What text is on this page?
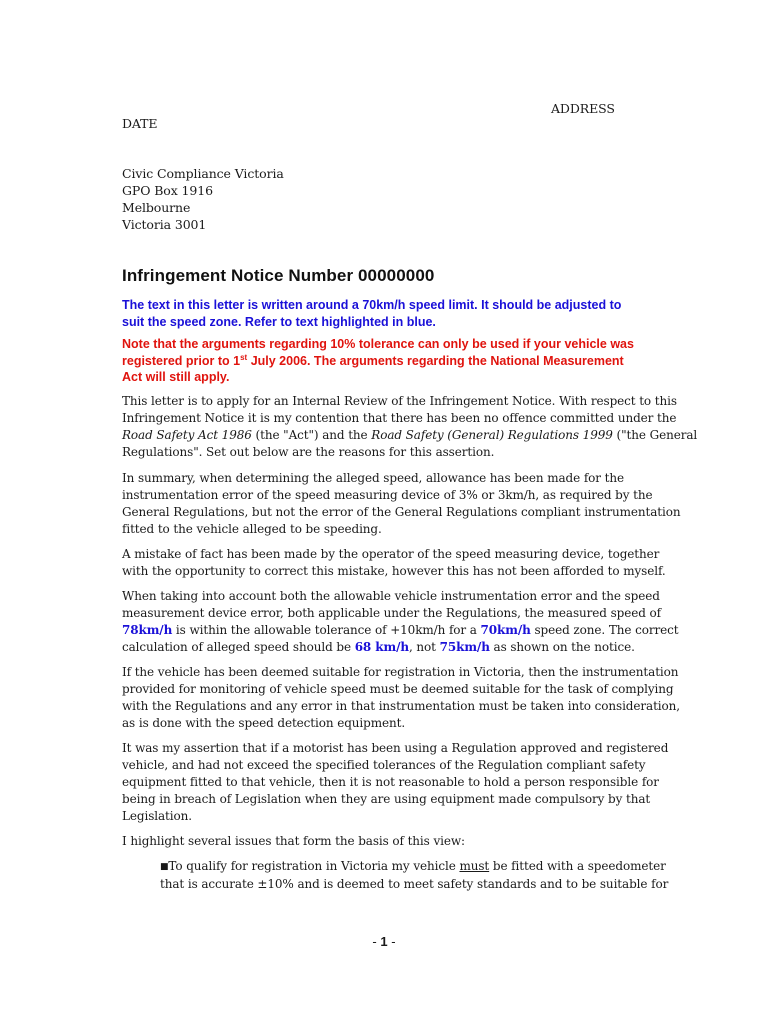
ADDRESS
DATE
Civic Compliance Victoria
GPO Box 1916
Melbourne
Victoria 3001
Infringement Notice Number 00000000
The text in this letter is written around a 70km/h speed limit. It should be adjusted to
suit the speed zone. Refer to text highlighted in blue.
Note that the arguments regarding 10% tolerance can only be used if your vehicle was
registered prior to 1st July 2006. The arguments regarding the National Measurement
Act will still apply.
This letter is to apply for an Internal Review of the Infringement Notice. With respect to this
Infringement Notice it is my contention that there has been no offence committed under the
Road Safety Act 1986 (the "Act") and the Road Safety (General) Regulations 1999 ("the General
Regulations". Set out below are the reasons for this assertion.
In summary, when determining the alleged speed, allowance has been made for the
instrumentation error of the speed measuring device of 3% or 3km/h, as required by the
General Regulations, but not the error of the General Regulations compliant instrumentation
fitted to the vehicle alleged to be speeding.
A mistake of fact has been made by the operator of the speed measuring device, together
with the opportunity to correct this mistake, however this has not been afforded to myself.
When taking into account both the allowable vehicle instrumentation error and the speed
measurement device error, both applicable under the Regulations, the measured speed of
78km/h is within the allowable tolerance of +10km/h for a 70km/h speed zone. The correct
calculation of alleged speed should be 68 km/h, not 75km/h as shown on the notice.
If the vehicle has been deemed suitable for registration in Victoria, then the instrumentation
provided for monitoring of vehicle speed must be deemed suitable for the task of complying
with the Regulations and any error in that instrumentation must be taken into consideration,
as is done with the speed detection equipment.
It was my assertion that if a motorist has been using a Regulation approved and registered
vehicle, and had not exceed the specified tolerances of the Regulation compliant safety
equipment fitted to that vehicle, then it is not reasonable to hold a person responsible for
being in breach of Legislation when they are using equipment made compulsory by that
Legislation.
I highlight several issues that form the basis of this view:
■To qualify for registration in Victoria my vehicle must be fitted with a speedometer
that is accurate ±10% and is deemed to meet safety standards and to be suitable for
- 1 -
